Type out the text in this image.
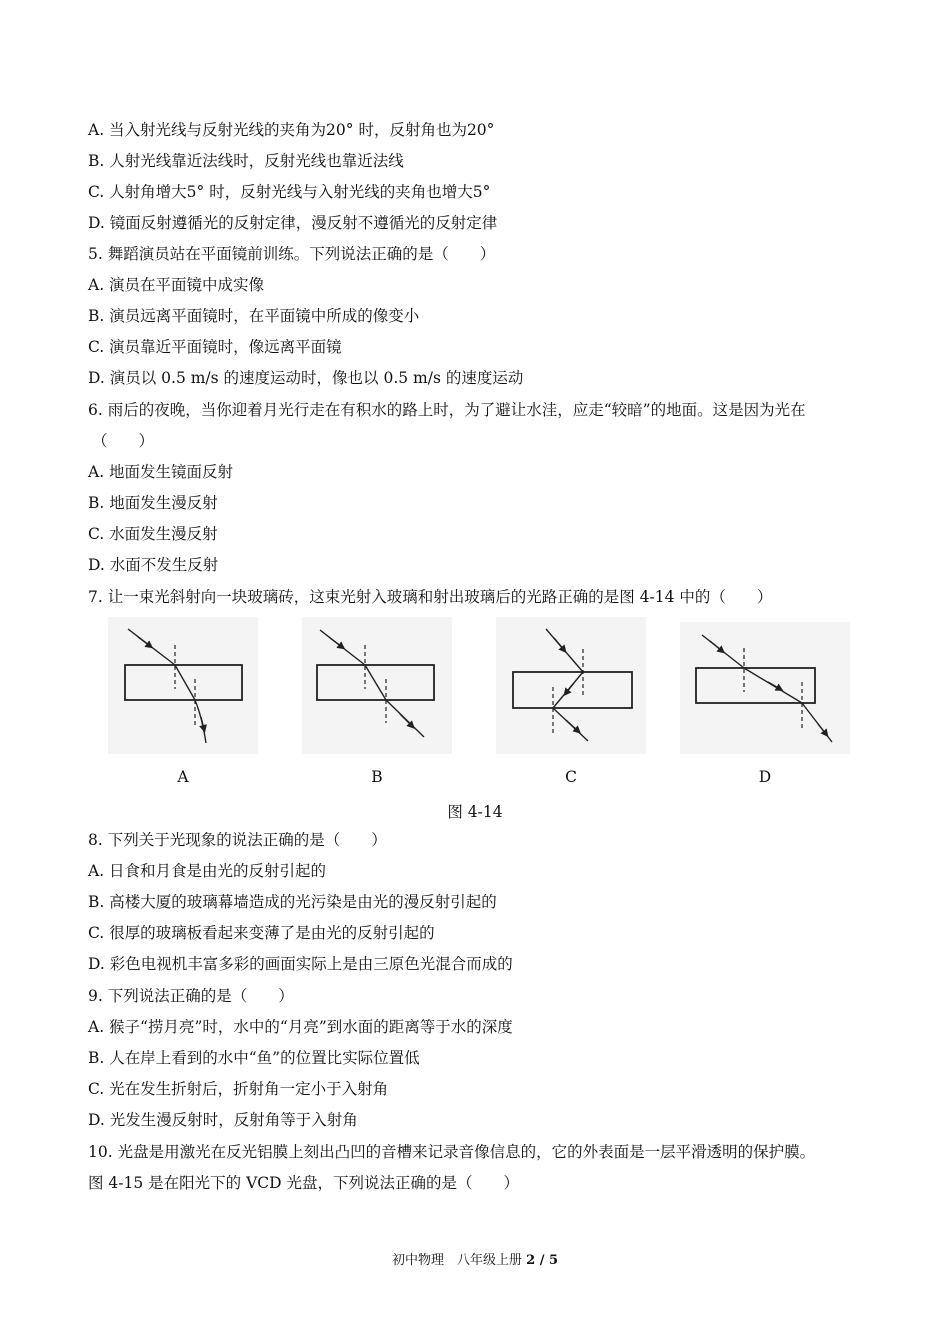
A. 当入射光线与反射光线的夹角为20° 时，反射角也为20°
B. 人射光线靠近法线时，反射光线也靠近法线
C. 人射角增大5° 时，反射光线与入射光线的夹角也增大5°
D. 镜面反射遵循光的反射定律，漫反射不遵循光的反射定律
5. 舞蹈演员站在平面镜前训练。下列说法正确的是（　　）
A. 演员在平面镜中成实像
B. 演员远离平面镜时，在平面镜中所成的像变小
C. 演员靠近平面镜时，像远离平面镜
D. 演员以 0.5 m/s 的速度运动时，像也以 0.5 m/s 的速度运动
6. 雨后的夜晚，当你迎着月光行走在有积水的路上时，为了避让水洼，应走“较暗”的地面。这是因为光在
（　　）
A. 地面发生镜面反射
B. 地面发生漫反射
C. 水面发生漫反射
D. 水面不发生反射
7. 让一束光斜射向一块玻璃砖，这束光射入玻璃和射出玻璃后的光路正确的是图 4-14 中的（　　）
A	B	C	D
图 4-14
8. 下列关于光现象的说法正确的是（　　）
A. 日食和月食是由光的反射引起的
B. 高楼大厦的玻璃幕墙造成的光污染是由光的漫反射引起的
C. 很厚的玻璃板看起来变薄了是由光的反射引起的
D. 彩色电视机丰富多彩的画面实际上是由三原色光混合而成的
9. 下列说法正确的是（　　）
A. 猴子“捞月亮”时，水中的“月亮”到水面的距离等于水的深度
B. 人在岸上看到的水中“鱼”的位置比实际位置低
C. 光在发生折射后，折射角一定小于入射角
D. 光发生漫反射时，反射角等于入射角
10. 光盘是用激光在反光铝膜上刻出凸凹的音槽来记录音像信息的，它的外表面是一层平滑透明的保护膜。
图 4-15 是在阳光下的 VCD 光盘，下列说法正确的是（　　）
初中物理　八年级上册 2 / 5
